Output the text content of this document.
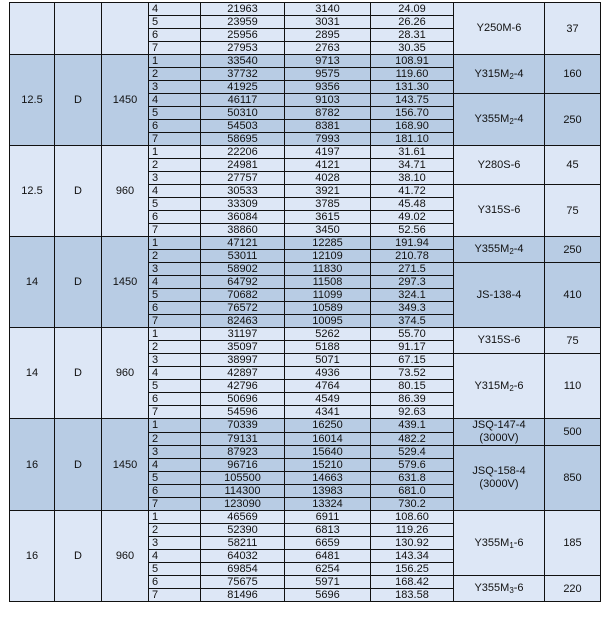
			4	21963	3140	24.09	Y250M-6	37
			5	23959	3031	26.26		
			6	25956	2895	28.31		
			7	27953	2763	30.35		
12.5	D	1450	1	33540	9713	108.91	$Y315M_2-4$	160
			2	37732	9575	119.60		
			3	41925	9356	131.30		
			4	46117	9103	143.75	$Y355M_2-4$	250
			5	50310	8782	156.70		
			6	54503	8381	168.90		
			7	58695	7993	181.10		
12.5	D	960	1	22206	4197	31.61	Y280S-6	45
			2	24981	4121	34.71		
			3	27757	4028	38.10		
			4	30533	3921	41.72	Y315S-6	75
			5	33309	3785	45.48		
			6	36084	3615	49.02		
			7	38860	3450	52.56		
14	D	1450	1	47121	12285	191.94	$Y355M_2-4$	250
			2	53011	12109	210.78		
			3	58902	11830	271.5	JS-138-4	410
			4	64792	11508	297.3		
			5	70682	11099	324.1		
			6	76572	10589	349.3		
			7	82463	10095	374.5		
14	D	960	1	31197	5262	55.70	Y315S-6	75
			2	35097	5188	91.17		
			3	38997	5071	67.15	$Y315M_2-6$	110
			4	42897	4936	73.52		
			5	42796	4764	80.15		
			6	50696	4549	86.39		
			7	54596	4341	92.63		
16	D	1450	1	70339	16250	439.1	JSQ-147-4
(3000V)	500
			2	79131	16014	482.2		
			3	87923	15640	529.4	JSQ-158-4
(3000V)	850
			4	96716	15210	579.6		
			5	105500	14663	631.8		
			6	114300	13983	681.0		
			7	123090	13324	730.2		
16	D	960	1	46569	6911	108.60	$Y355M_1-6$	185
			2	52390	6813	119.26		
			3	58211	6659	130.92		
			4	64032	6481	143.34		
			5	69854	6254	156.25		
			6	75675	5971	168.42	$Y355M_3-6$	220
			7	81496	5696	183.58		
